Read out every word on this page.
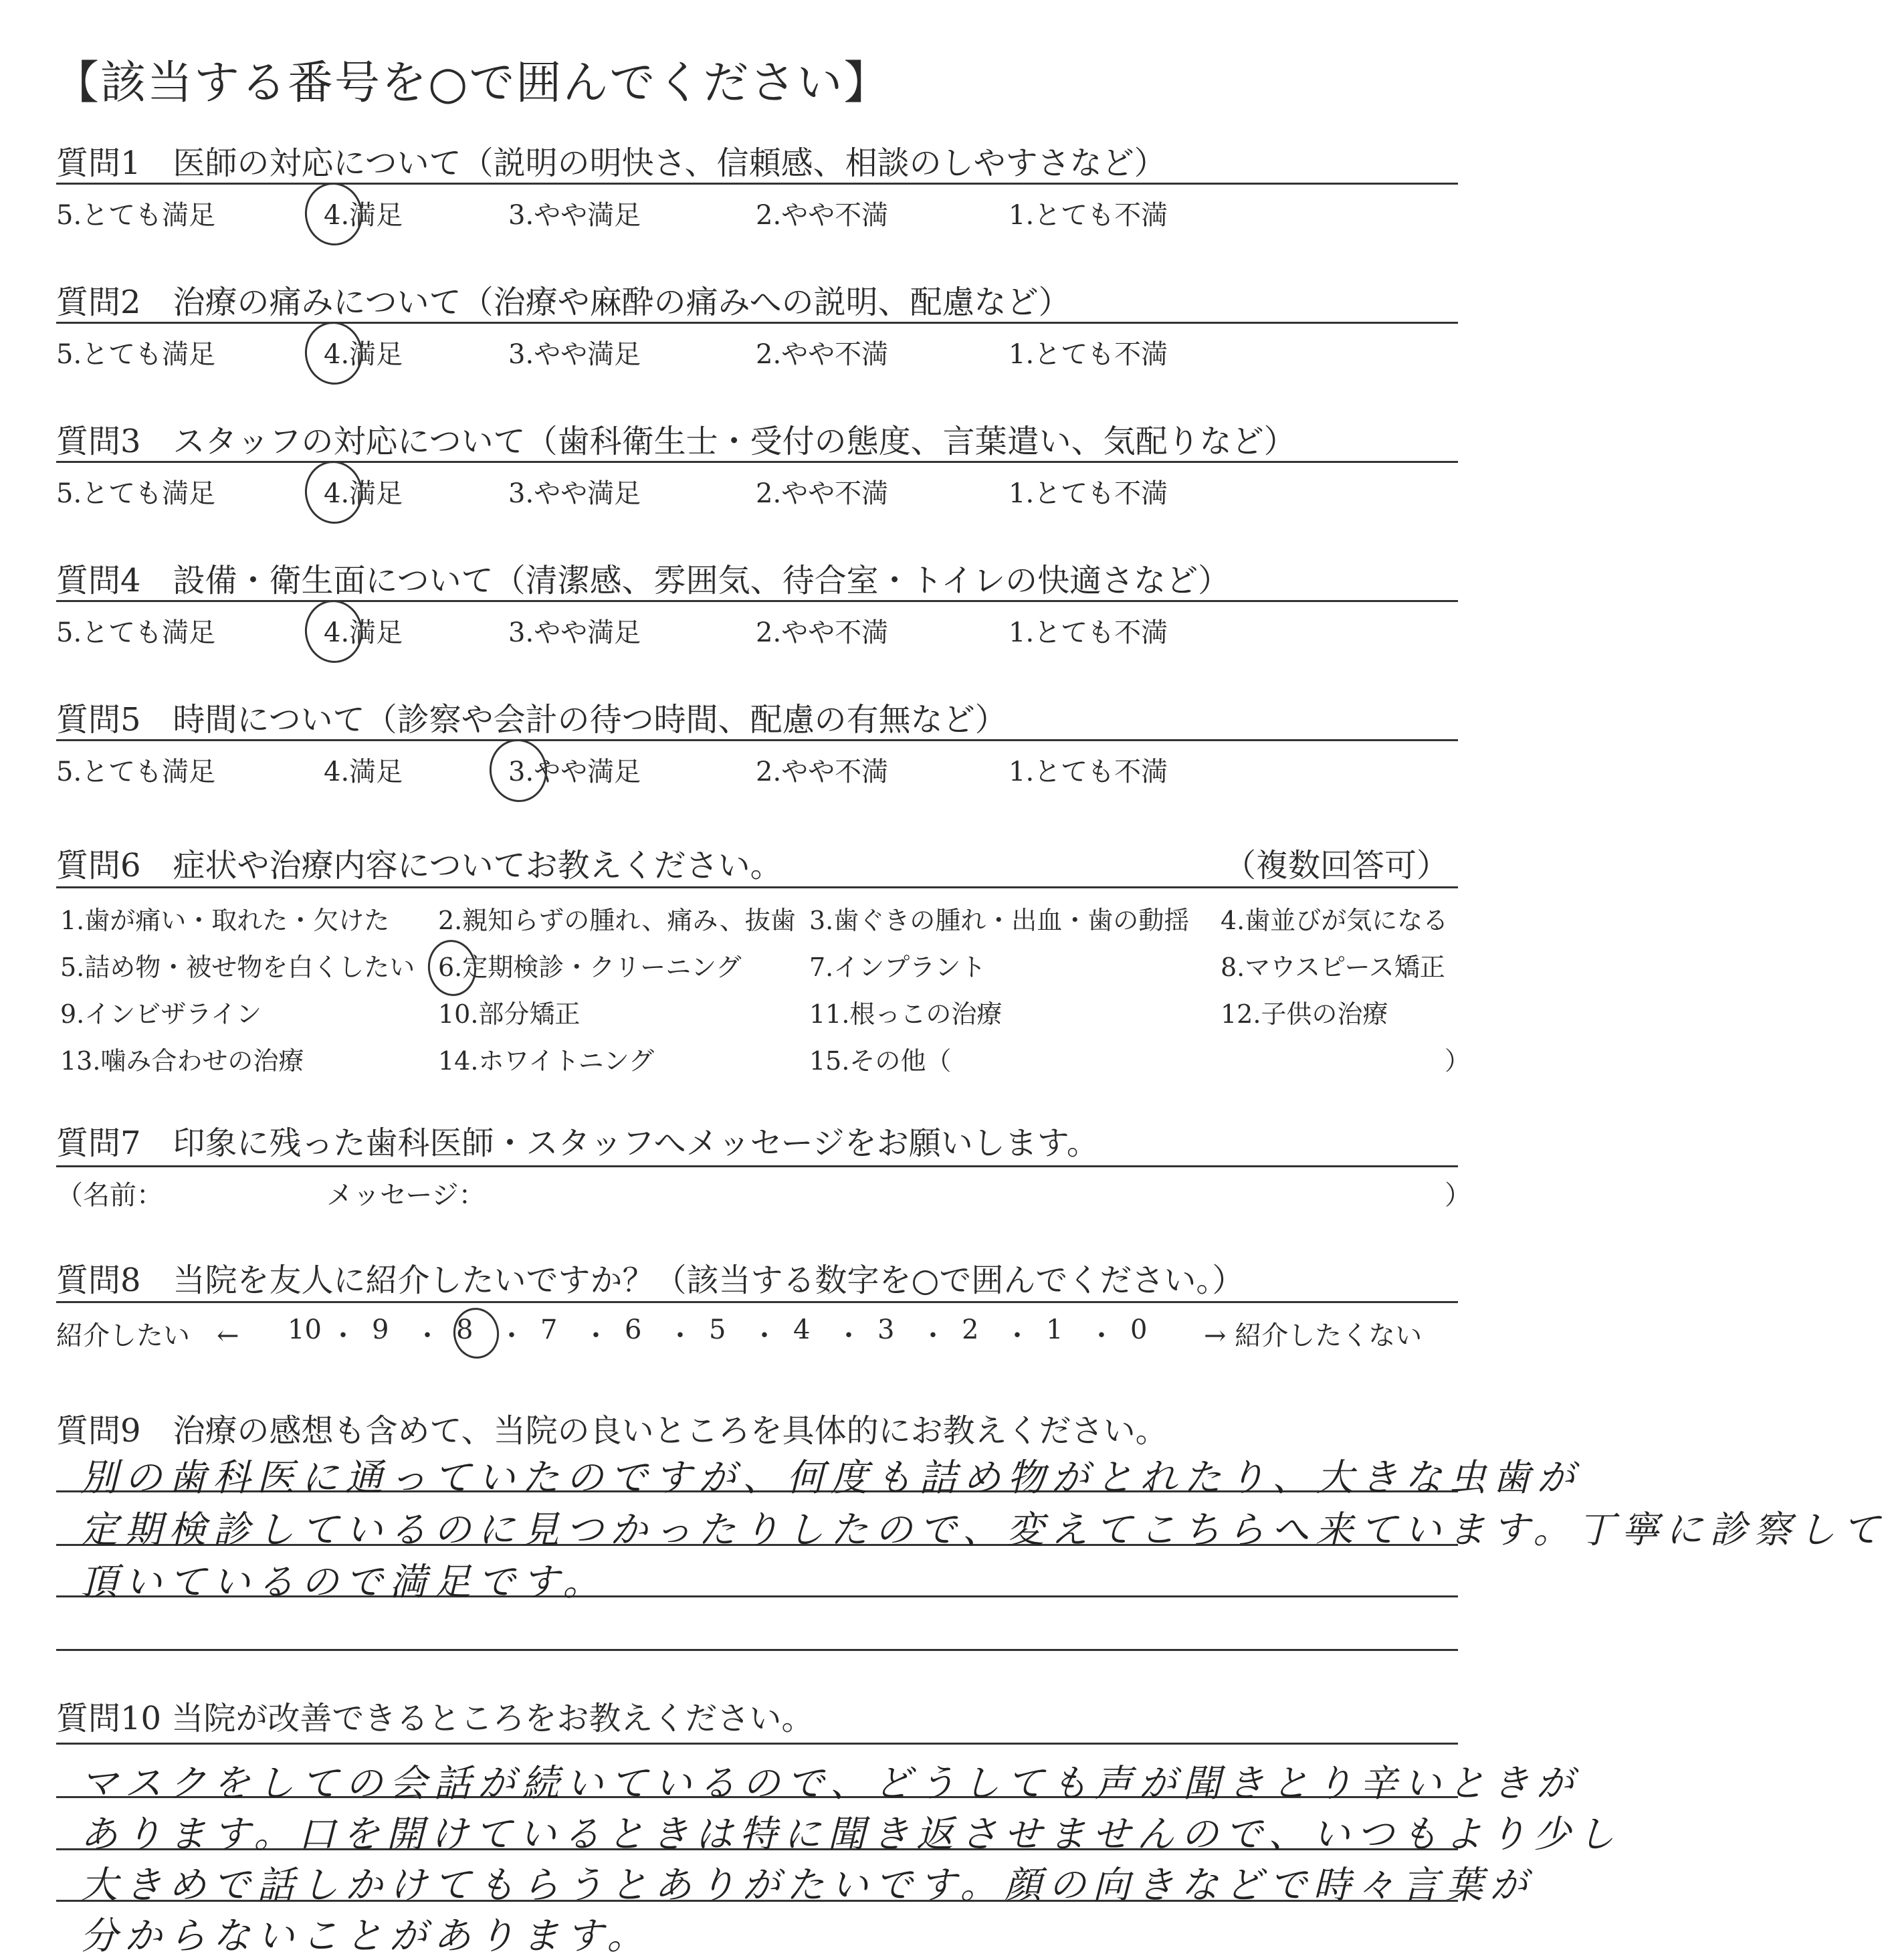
【該当する番号を○で囲んでください】
質問1　医師の対応について（説明の明快さ、信頼感、相談のしやすさなど）
5.とても満足	4.満足	3.やや満足	2.やや不満	1.とても不満
質問2　治療の痛みについて（治療や麻酔の痛みへの説明、配慮など）
5.とても満足	4.満足	3.やや満足	2.やや不満	1.とても不満
質問3　スタッフの対応について（歯科衛生士・受付の態度、言葉遣い、気配りなど）
5.とても満足	4.満足	3.やや満足	2.やや不満	1.とても不満
質問4　設備・衛生面について（清潔感、雰囲気、待合室・トイレの快適さなど）
5.とても満足	4.満足	3.やや満足	2.やや不満	1.とても不満
質問5　時間について（診察や会計の待つ時間、配慮の有無など）
5.とても満足	4.満足	3.やや満足	2.やや不満	1.とても不満
質問6　症状や治療内容についてお教えください。	（複数回答可）
1.歯が痛い・取れた・欠けた 2.親知らずの腫れ、痛み、抜歯 3.歯ぐきの腫れ・出血・歯の動揺 4.歯並びが気になる
5.詰め物・被せ物を白くしたい 6.定期検診・クリーニング	7.インプラント	8.マウスピース矯正
9.インビザライン	10.部分矯正	11.根っこの治療	12.子供の治療
13.噛み合わせの治療	14.ホワイトニング	15.その他（	）
質問7　印象に残った歯科医師・スタッフへメッセージをお願いします。
（名前：	メッセージ：	）
質問8　当院を友人に紹介したいですか？（該当する数字を○で囲んでください。）
紹介したい　←	→ 紹介したくない
10 ・ 9 ・ 8 ・ 7 ・ 6 ・ 5 ・ 4 ・ 3 ・ 2 ・ 1 ・ 0
質問9　治療の感想も含めて、当院の良いところを具体的にお教えください。
別の歯科医に通っていたのですが、何度も詰め物がとれたり、大きな虫歯が
定期検診しているのに見つかったりしたので、変えてこちらへ来ています。丁寧に診察して
頂いているので満足です。
質問10 当院が改善できるところをお教えください。
マスクをしての会話が続いているので、どうしても声が聞きとり辛いときが
あります。口を開けているときは特に聞き返させませんので、いつもより少し
大きめで話しかけてもらうとありがたいです。顔の向きなどで時々言葉が
分からないことがあります。
